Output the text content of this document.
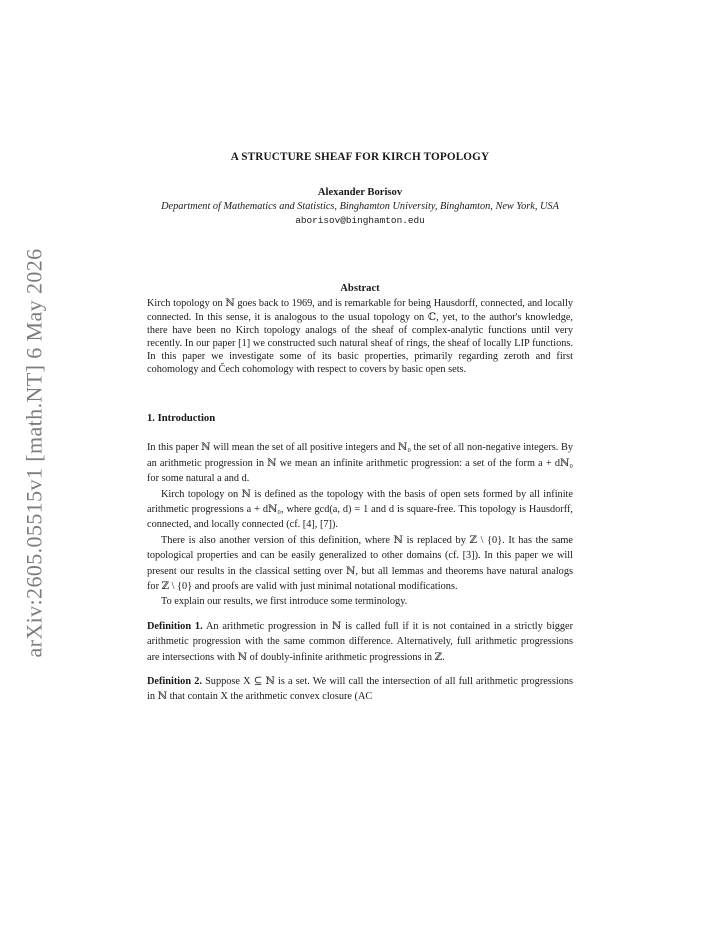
arXiv:2605.05515v1 [math.NT] 6 May 2026
A STRUCTURE SHEAF FOR KIRCH TOPOLOGY
Alexander Borisov
Department of Mathematics and Statistics, Binghamton University, Binghamton, New York, USA
aborisov@binghamton.edu
Abstract

Kirch topology on ℕ goes back to 1969, and is remarkable for being Hausdorff, connected, and locally connected. In this sense, it is analogous to the usual topology on ℂ, yet, to the author's knowledge, there have been no Kirch topology analogs of the sheaf of complex-analytic functions until very recently. In our paper [1] we constructed such natural sheaf of rings, the sheaf of locally LIP functions. In this paper we investigate some of its basic properties, primarily regarding zeroth and first cohomology and Čech cohomology with respect to covers by basic open sets.

1. Introduction

In this paper ℕ will mean the set of all positive integers and ℕ₀ the set of all non-negative integers. By an arithmetic progression in ℕ we mean an infinite arithmetic progression: a set of the form a + dℕ₀ for some natural a and d.

Kirch topology on ℕ is defined as the topology with the basis of open sets formed by all infinite arithmetic progressions a + dℕ₀, where gcd(a, d) = 1 and d is square-free. This topology is Hausdorff, connected, and locally connected (cf. [4], [7]).

There is also another version of this definition, where ℕ is replaced by ℤ \ {0}. It has the same topological properties and can be easily generalized to other domains (cf. [3]). In this paper we will present our results in the classical setting over ℕ, but all lemmas and theorems have natural analogs for ℤ \ {0} and proofs are valid with just minimal notational modifications.

To explain our results, we first introduce some terminology.

Definition 1. An arithmetic progression in ℕ is called full if it is not contained in a strictly bigger arithmetic progression with the same common difference. Alternatively, full arithmetic progressions are intersections with ℕ of doubly-infinite arithmetic progressions in ℤ.

Definition 2. Suppose X ⊆ ℕ is a set. We will call the intersection of all full arithmetic progressions in ℕ that contain X the arithmetic convex closure (AC
